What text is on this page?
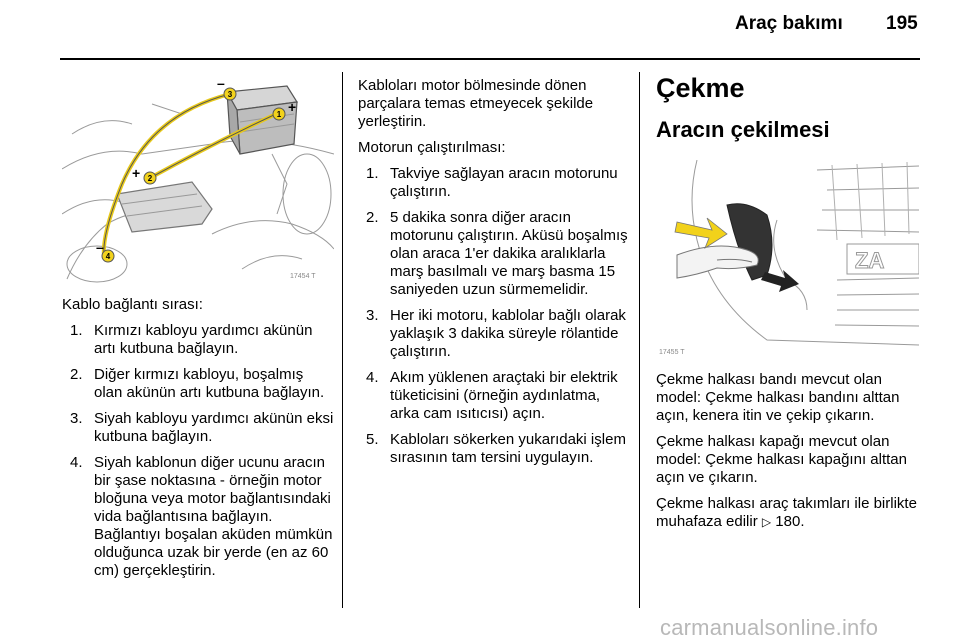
Araç bakımı 195
3
1
2
4
–
+
+
–
17454 T
ZA
17455 T

Kablo bağlantı sırası:

1. Kırmızı kabloyu yardımcı akünün artı kutbuna bağlayın.
2. Diğer kırmızı kabloyu, boşalmış olan akünün artı kutbuna bağlayın.
3. Siyah kabloyu yardımcı akünün eksi kutbuna bağlayın.
4. Siyah kablonun diğer ucunu aracın bir şase noktasına - örneğin motor bloğuna veya motor bağlantısındaki vida bağlantısına bağlayın. Bağlantıyı boşalan aküden mümkün olduğunca uzak bir yerde (en az 60 cm) gerçekleştirin.

Kabloları motor bölmesinde dönen parçalara temas etmeyecek şekilde yerleştirin.

Motorun çalıştırılması:

1. Takviye sağlayan aracın motorunu çalıştırın.
2. 5 dakika sonra diğer aracın motorunu çalıştırın. Aküsü boşalmış olan araca 1'er dakika aralıklarla marş basılmalı ve marş basma 15 saniyeden uzun sürmemelidir.
3. Her iki motoru, kablolar bağlı olarak yaklaşık 3 dakika süreyle rölantide çalıştırın.
4. Akım yüklenen araçtaki bir elektrik tüketicisini (örneğin aydınlatma, arka cam ısıtıcısı) açın.
5. Kabloları sökerken yukarıdaki işlem sırasının tam tersini uygulayın.
Çekme
Aracın çekilmesi

Çekme halkası bandı mevcut olan model: Çekme halkası bandını alttan açın, kenera itin ve çekip çıkarın.

Çekme halkası kapağı mevcut olan model: Çekme halkası kapağını alttan açın ve çıkarın.

Çekme halkası araç takımları ile birlikte muhafaza edilir ▷ 180.

carmanualsonline.info
